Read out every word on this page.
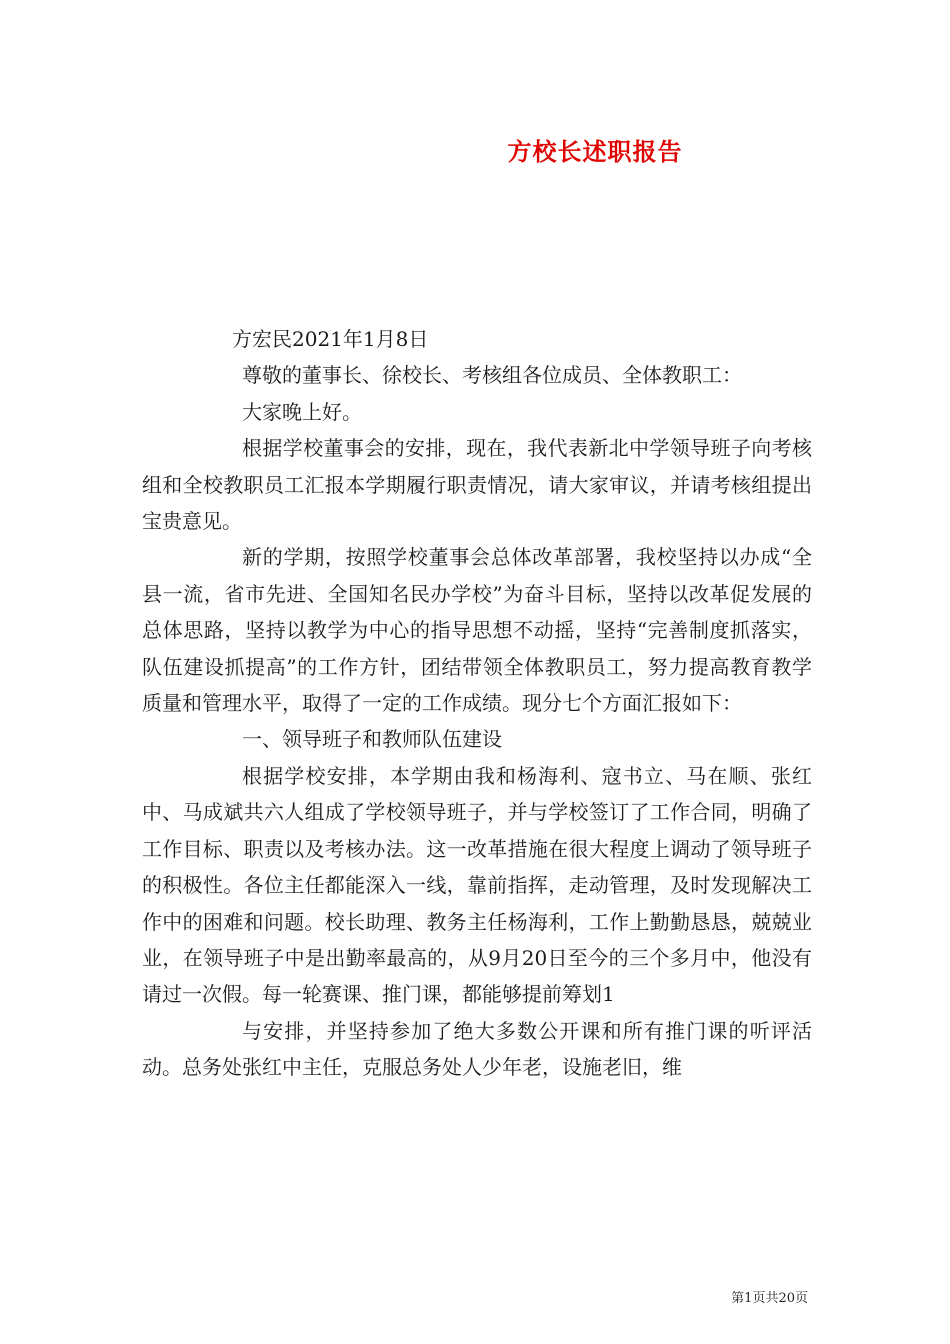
方校长述职报告

方宏民2021年1月8日

尊敬的董事长、徐校长、考核组各位成员、全体教职工：

大家晚上好。

根据学校董事会的安排，现在，我代表新北中学领导班子向考核组和全校教职员工汇报本学期履行职责情况，请大家审议，并请考核组提出宝贵意见。

新的学期，按照学校董事会总体改革部署，我校坚持以办成“全县一流，省市先进、全国知名民办学校”为奋斗目标，坚持以改革促发展的总体思路，坚持以教学为中心的指导思想不动摇，坚持“完善制度抓落实，队伍建设抓提高”的工作方针，团结带领全体教职员工，努力提高教育教学质量和管理水平，取得了一定的工作成绩。现分七个方面汇报如下：

一、领导班子和教师队伍建设

根据学校安排，本学期由我和杨海利、寇书立、马在顺、张红中、马成斌共六人组成了学校领导班子，并与学校签订了工作合同，明确了工作目标、职责以及考核办法。这一改革措施在很大程度上调动了领导班子的积极性。各位主任都能深入一线，靠前指挥，走动管理，及时发现解决工作中的困难和问题。校长助理、教务主任杨海利，工作上勤勤恳恳，兢兢业业，在领导班子中是出勤率最高的，从9月20日至今的三个多月中，他没有请过一次假。每一轮赛课、推门课，都能够提前筹划1

与安排，并坚持参加了绝大多数公开课和所有推门课的听评活动。总务处张红中主任，克服总务处人少年老，设施老旧，维

第1页共20页
